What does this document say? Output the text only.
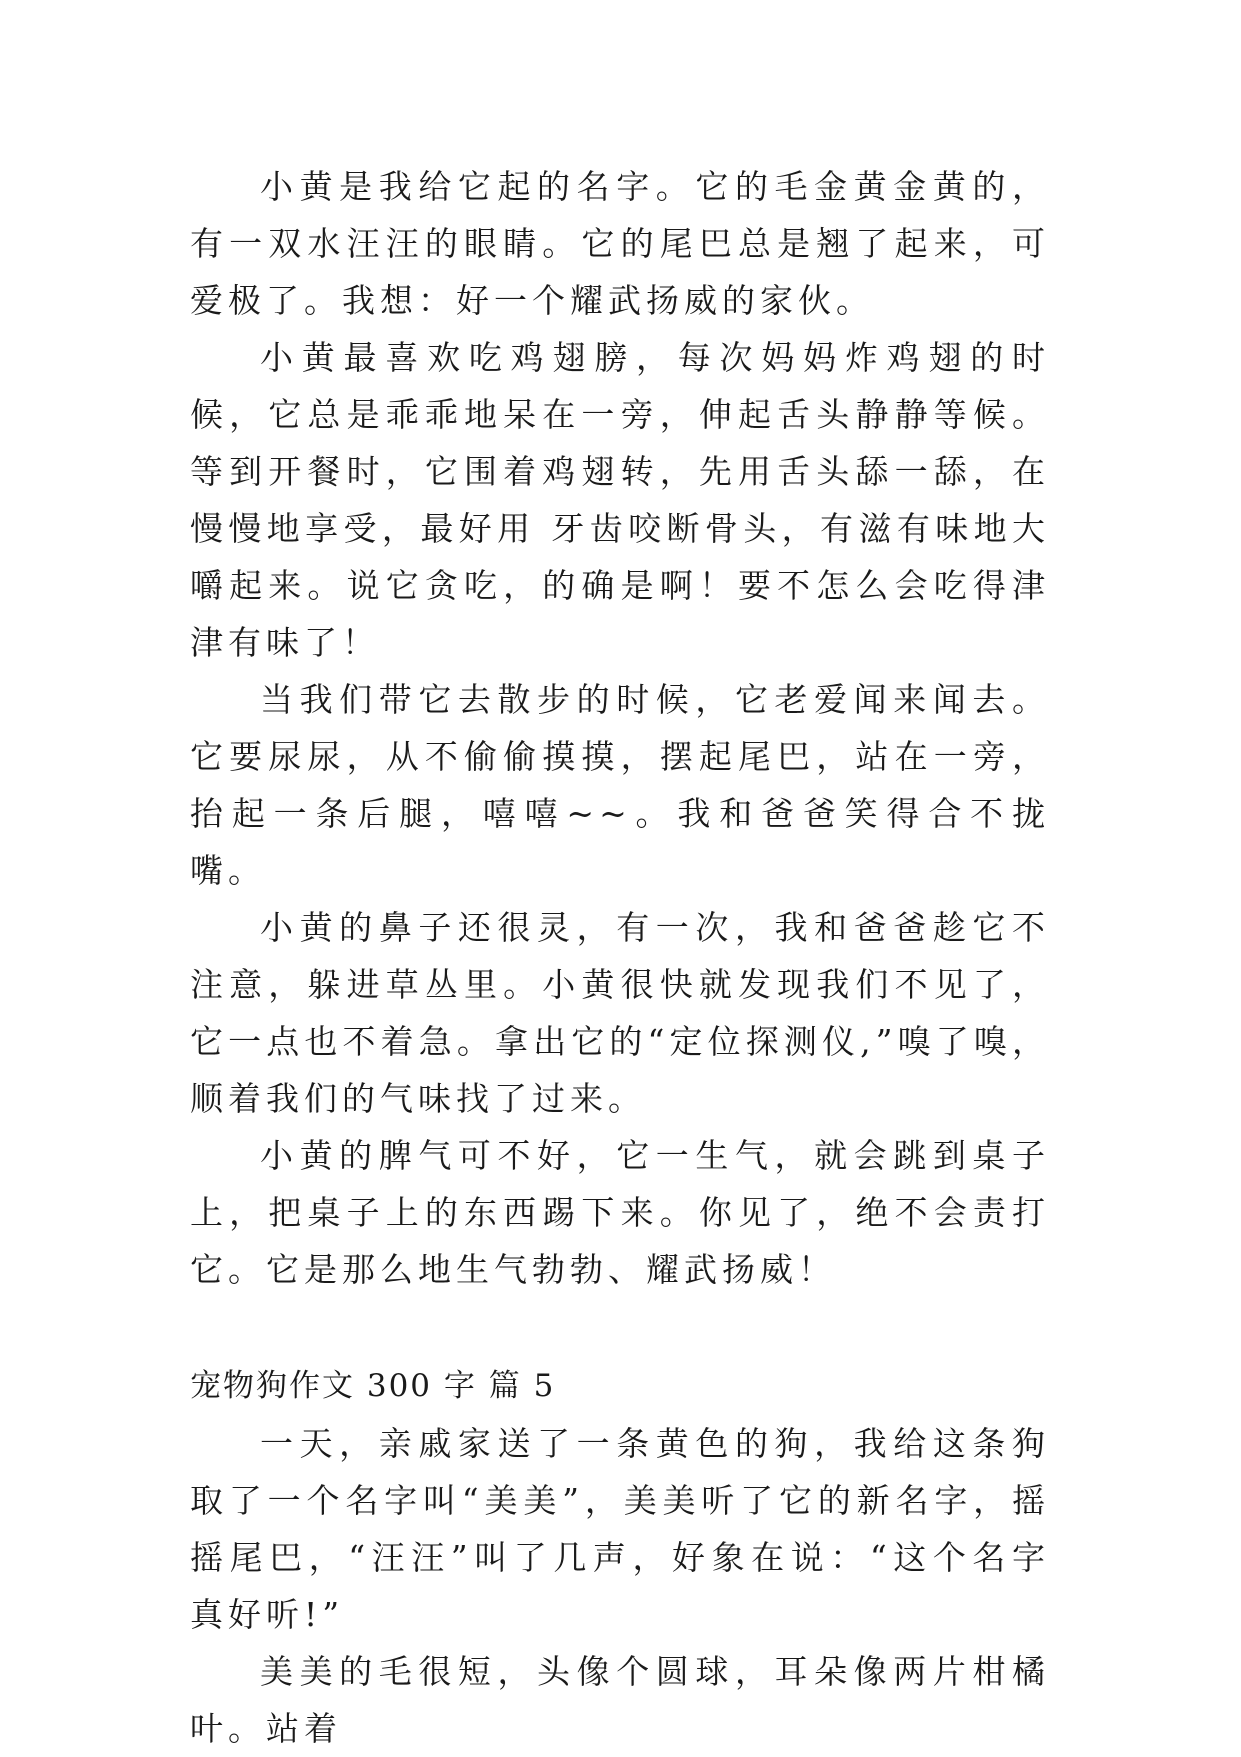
小黄是我给它起的名字。它的毛金黄金黄的，有一双水汪汪的眼睛。它的尾巴总是翘了起来，可爱极了。我想：好一个耀武扬威的家伙。

小黄最喜欢吃鸡翅膀，每次妈妈炸鸡翅的时候，它总是乖乖地呆在一旁，伸起舌头静静等候。等到开餐时，它围着鸡翅转，先用舌头舔一舔，在慢慢地享受，最好用 牙齿咬断骨头，有滋有味地大嚼起来。说它贪吃，的确是啊！要不怎么会吃得津津有味了！

当我们带它去散步的时候，它老爱闻来闻去。它要尿尿，从不偷偷摸摸，摆起尾巴，站在一旁，抬起一条后腿，嘻嘻~~。我和爸爸笑得合不拢嘴。

小黄的鼻子还很灵，有一次，我和爸爸趁它不注意，躲进草丛里。小黄很快就发现我们不见了，它一点也不着急。拿出它的“定位探测仪,”嗅了嗅，顺着我们的气味找了过来。

小黄的脾气可不好，它一生气，就会跳到桌子上，把桌子上的东西踢下来。你见了，绝不会责打它。它是那么地生气勃勃、耀武扬威！

宠物狗作文 300 字 篇 5

一天，亲戚家送了一条黄色的狗，我给这条狗取了一个名字叫“美美”，美美听了它的新名字，摇摇尾巴，“汪汪”叫了几声，好象在说：“这个名字真好听!”

美美的毛很短，头像个圆球，耳朵像两片柑橘叶。站着
